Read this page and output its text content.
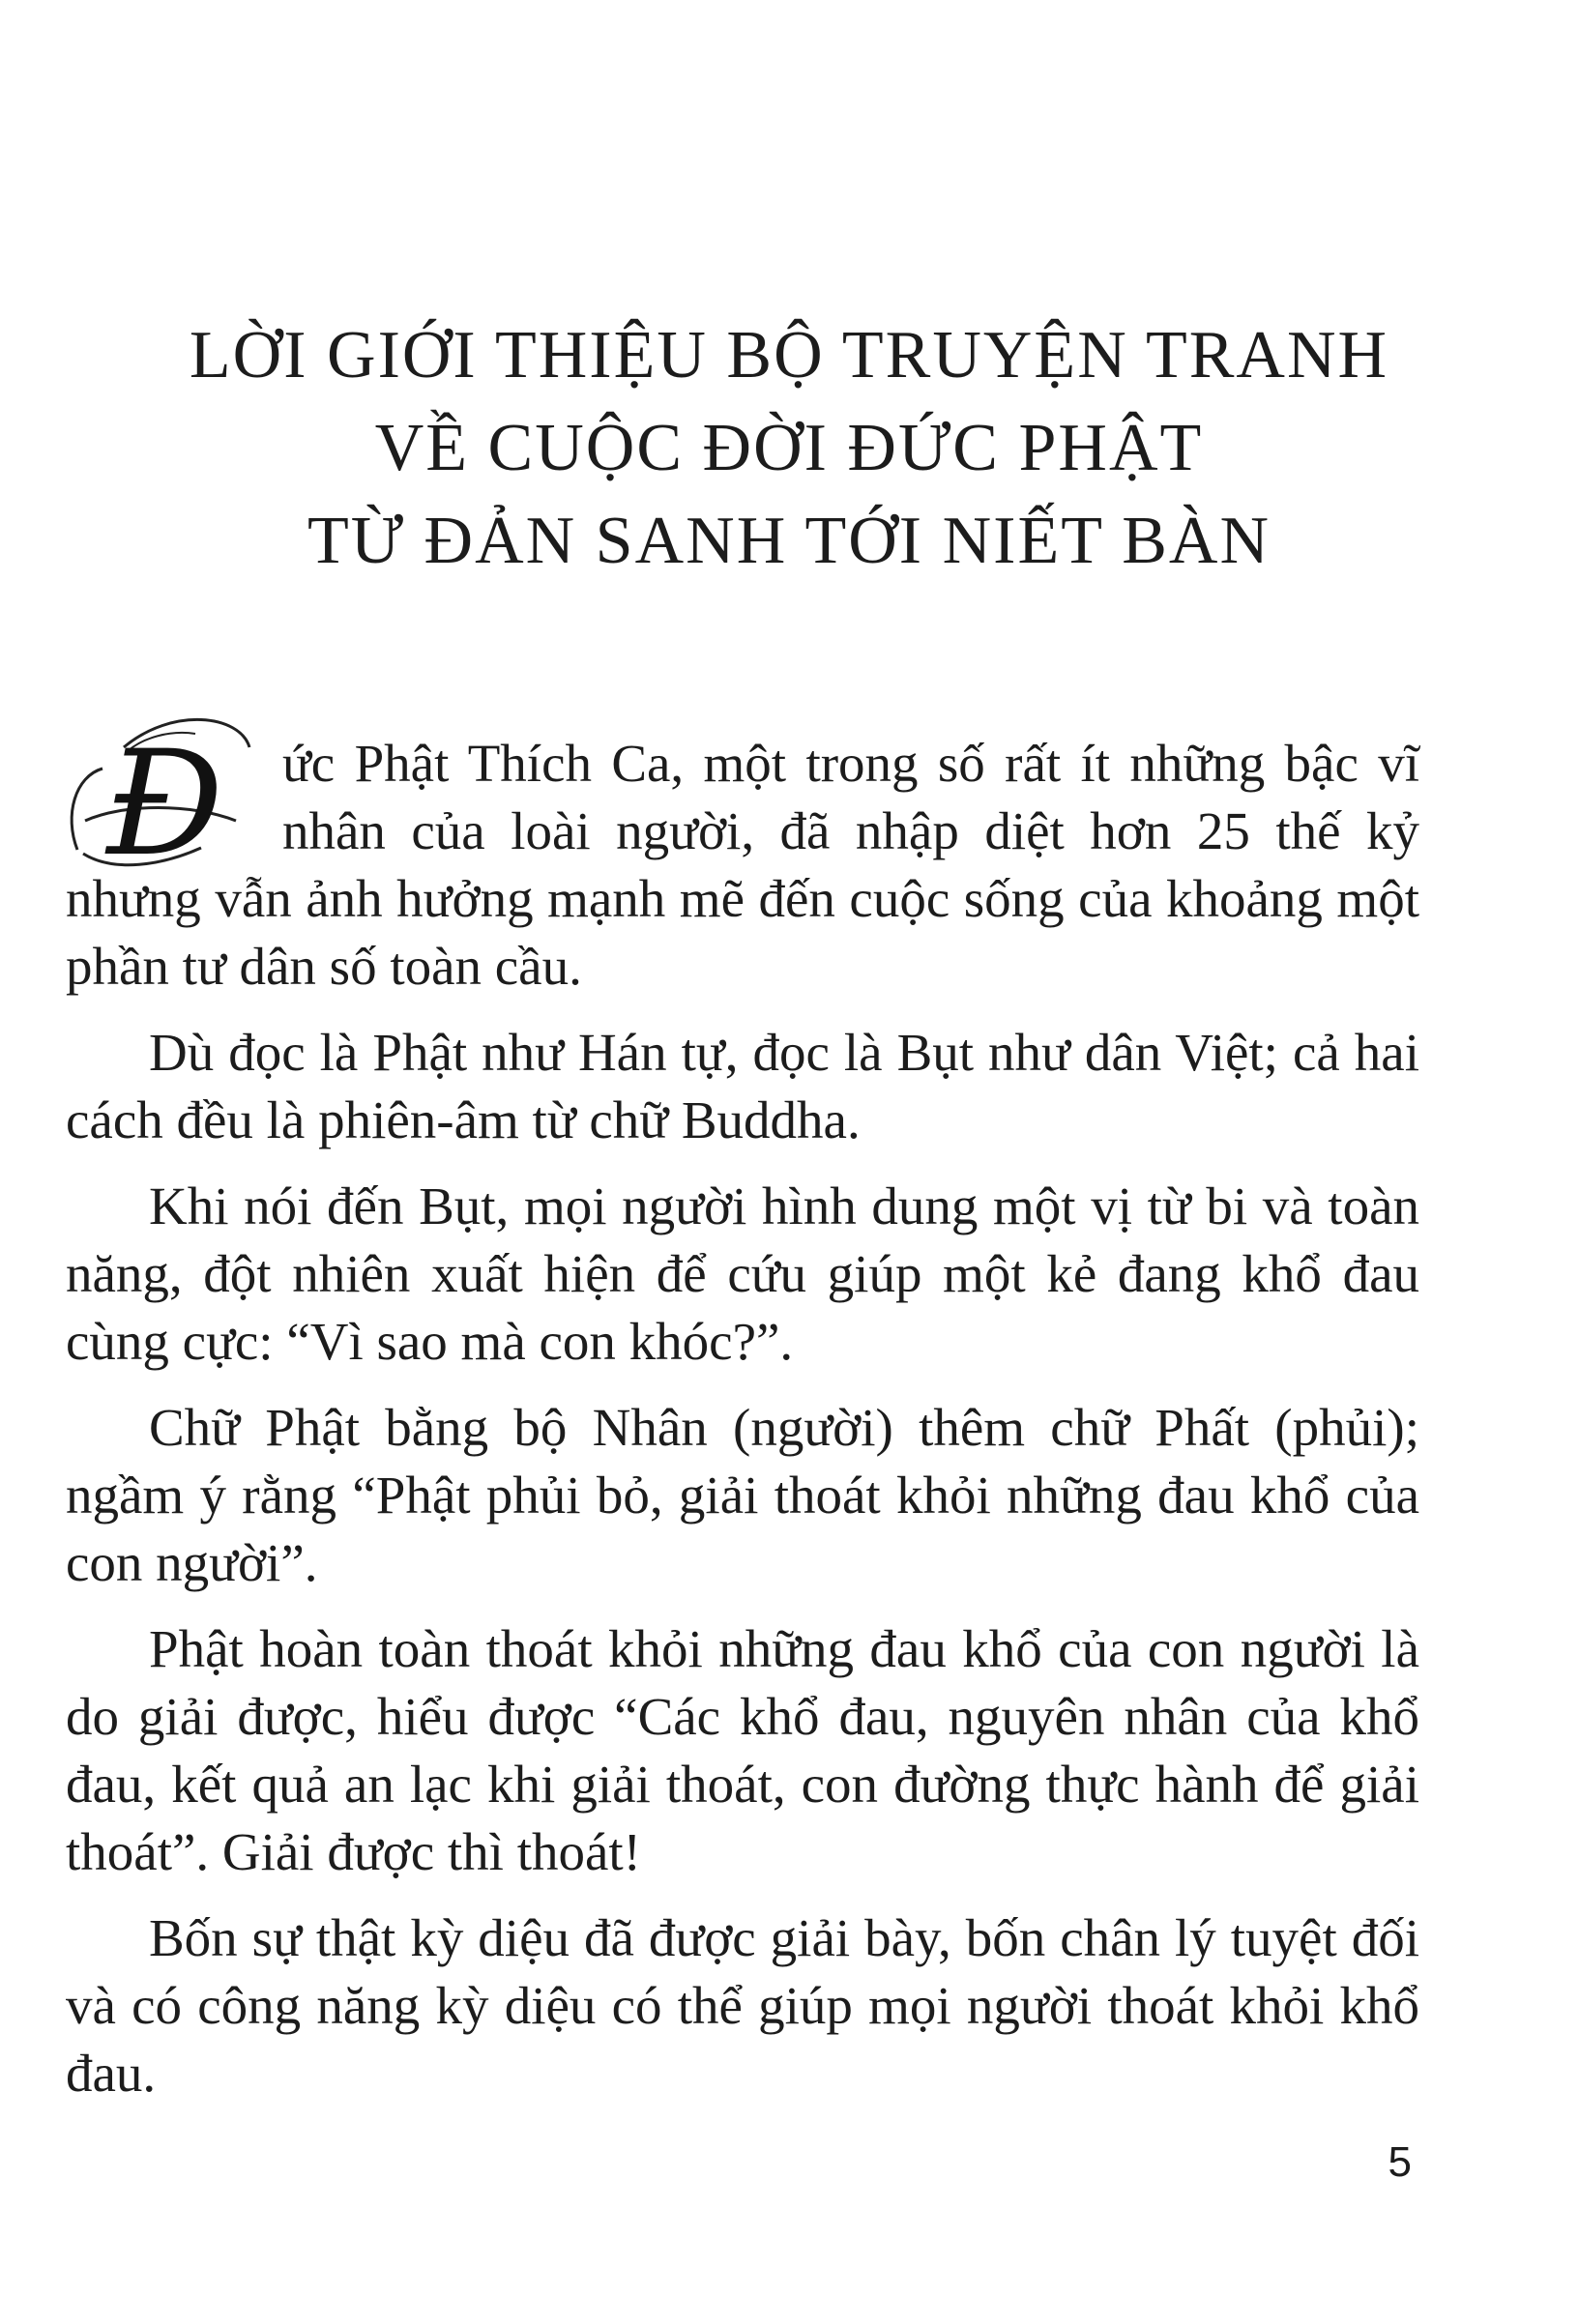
LỜI GIỚI THIỆU BỘ TRUYỆN TRANH
VỀ CUỘC ĐỜI ĐỨC PHẬT
TỪ ĐẢN SANH TỚI NIẾT BÀN

Đ ức Phật Thích Ca, một trong số rất ít những bậc vĩ nhân của loài người, đã nhập diệt hơn 25 thế kỷ nhưng vẫn ảnh hưởng mạnh mẽ đến cuộc sống của khoảng một phần tư dân số toàn cầu.

Dù đọc là Phật như Hán tự, đọc là Bụt như dân Việt; cả hai cách đều là phiên-âm từ chữ Buddha.

Khi nói đến Bụt, mọi người hình dung một vị từ bi và toàn năng, đột nhiên xuất hiện để cứu giúp một kẻ đang khổ đau cùng cực: “Vì sao mà con khóc?”.

Chữ Phật bằng bộ Nhân (người) thêm chữ Phất (phủi); ngầm ý rằng “Phật phủi bỏ, giải thoát khỏi những đau khổ của con người”.

Phật hoàn toàn thoát khỏi những đau khổ của con người là do giải được, hiểu được “Các khổ đau, nguyên nhân của khổ đau, kết quả an lạc khi giải thoát, con đường thực hành để giải thoát”. Giải được thì thoát!

Bốn sự thật kỳ diệu đã được giải bày, bốn chân lý tuyệt đối và có công năng kỳ diệu có thể giúp mọi người thoát khỏi khổ đau.

5
